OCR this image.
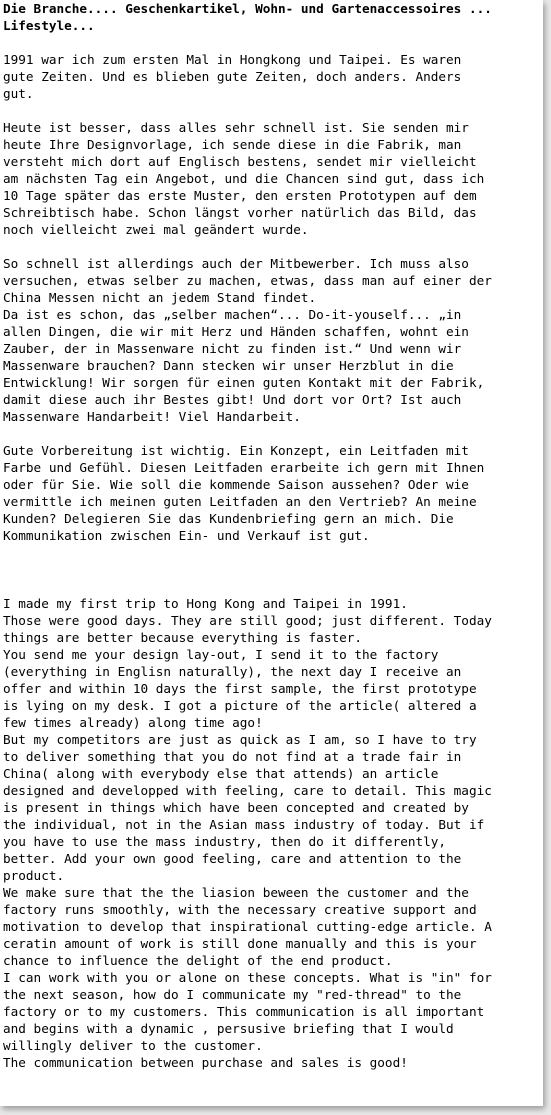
Die Branche.... Geschenkartikel, Wohn- und Gartenaccessoires ...
Lifestyle...
1991 war ich zum ersten Mal in Hongkong und Taipei. Es waren
gute Zeiten. Und es blieben gute Zeiten, doch anders. Anders
gut.
Heute ist besser, dass alles sehr schnell ist. Sie senden mir
heute Ihre Designvorlage, ich sende diese in die Fabrik, man
versteht mich dort auf Englisch bestens, sendet mir vielleicht
am nächsten Tag ein Angebot, und die Chancen sind gut, dass ich
10 Tage später das erste Muster, den ersten Prototypen auf dem
Schreibtisch habe. Schon längst vorher natürlich das Bild, das
noch vielleicht zwei mal geändert wurde.
So schnell ist allerdings auch der Mitbewerber. Ich muss also
versuchen, etwas selber zu machen, etwas, dass man auf einer der
China Messen nicht an jedem Stand findet.
Da ist es schon, das „selber machen“... Do-it-youself... „in
allen Dingen, die wir mit Herz und Händen schaffen, wohnt ein
Zauber, der in Massenware nicht zu finden ist.“ Und wenn wir
Massenware brauchen? Dann stecken wir unser Herzblut in die
Entwicklung! Wir sorgen für einen guten Kontakt mit der Fabrik,
damit diese auch ihr Bestes gibt! Und dort vor Ort? Ist auch
Massenware Handarbeit! Viel Handarbeit.
Gute Vorbereitung ist wichtig. Ein Konzept, ein Leitfaden mit
Farbe und Gefühl. Diesen Leitfaden erarbeite ich gern mit Ihnen
oder für Sie. Wie soll die kommende Saison aussehen? Oder wie
vermittle ich meinen guten Leitfaden an den Vertrieb? An meine
Kunden? Delegieren Sie das Kundenbriefing gern an mich. Die
Kommunikation zwischen Ein- und Verkauf ist gut.
I made my first trip to Hong Kong and Taipei in 1991.
Those were good days. They are still good; just different. Today
things are better because everything is faster.
You send me your design lay-out, I send it to the factory
(everything in Englisn naturally), the next day I receive an
offer and within 10 days the first sample, the first prototype
is lying on my desk. I got a picture of the article( altered a
few times already) along time ago!
But my competitors are just as quick as I am, so I have to try
to deliver something that you do not find at a trade fair in
China( along with everybody else that attends) an article
designed and developped with feeling, care to detail. This magic
is present in things which have been concepted and created by
the individual, not in the Asian mass industry of today. But if
you have to use the mass industry, then do it differently,
better. Add your own good feeling, care and attention to the
product.
We make sure that the the liasion beween the customer and the
factory runs smoothly, with the necessary creative support and
motivation to develop that inspirational cutting-edge article. A
ceratin amount of work is still done manually and this is your
chance to influence the delight of the end product.
I can work with you or alone on these concepts. What is "in" for
the next season, how do I communicate my "red-thread" to the
factory or to my customers. This communication is all important
and begins with a dynamic , persusive briefing that I would
willingly deliver to the customer.
The communication between purchase and sales is good!
